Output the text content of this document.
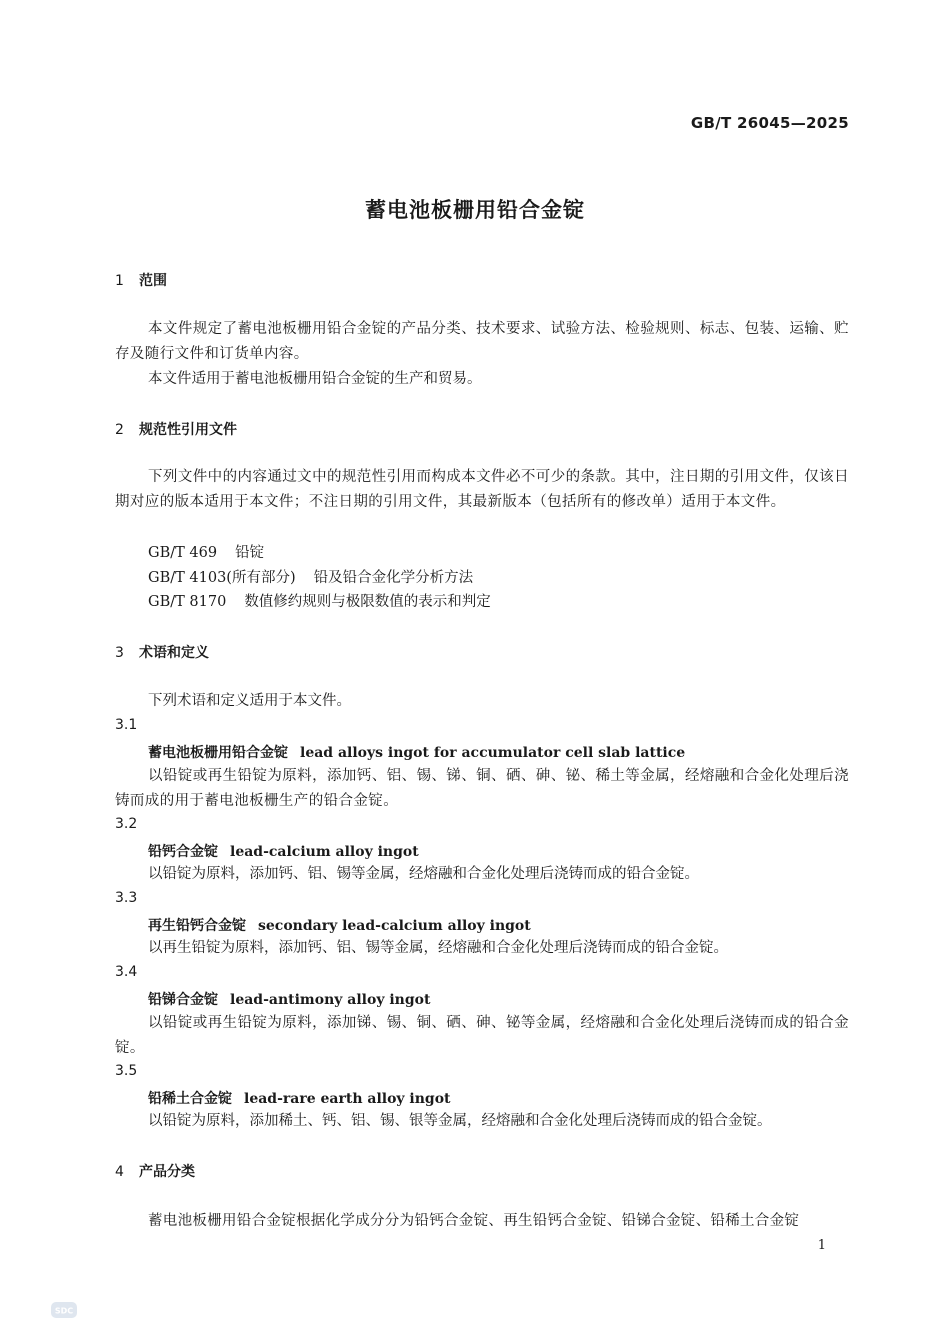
GB/T 26045—2025
蓄电池板栅用铅合金锭
1 范围
本文件规定了蓄电池板栅用铅合金锭的产品分类、技术要求、试验方法、检验规则、标志、包装、运输、贮存及随行文件和订货单内容。
本文件适用于蓄电池板栅用铅合金锭的生产和贸易。
2 规范性引用文件
下列文件中的内容通过文中的规范性引用而构成本文件必不可少的条款。其中，注日期的引用文件，仅该日期对应的版本适用于本文件；不注日期的引用文件，其最新版本（包括所有的修改单）适用于本文件。
GB/T 469 铅锭
GB/T 4103(所有部分) 铅及铅合金化学分析方法
GB/T 8170 数值修约规则与极限数值的表示和判定
3 术语和定义
下列术语和定义适用于本文件。
3.1
蓄电池板栅用铅合金锭 lead alloys ingot for accumulator cell slab lattice
以铅锭或再生铅锭为原料，添加钙、铝、锡、锑、铜、硒、砷、铋、稀土等金属，经熔融和合金化处理后浇铸而成的用于蓄电池板栅生产的铅合金锭。
3.2
铅钙合金锭 lead-calcium alloy ingot
以铅锭为原料，添加钙、铝、锡等金属，经熔融和合金化处理后浇铸而成的铅合金锭。
3.3
再生铅钙合金锭 secondary lead-calcium alloy ingot
以再生铅锭为原料，添加钙、铝、锡等金属，经熔融和合金化处理后浇铸而成的铅合金锭。
3.4
铅锑合金锭 lead-antimony alloy ingot
以铅锭或再生铅锭为原料，添加锑、锡、铜、硒、砷、铋等金属，经熔融和合金化处理后浇铸而成的铅合金锭。
3.5
铅稀土合金锭 lead-rare earth alloy ingot
以铅锭为原料，添加稀土、钙、铝、锡、银等金属，经熔融和合金化处理后浇铸而成的铅合金锭。
4 产品分类
蓄电池板栅用铅合金锭根据化学成分分为铅钙合金锭、再生铅钙合金锭、铅锑合金锭、铅稀土合金锭
1
SDC
